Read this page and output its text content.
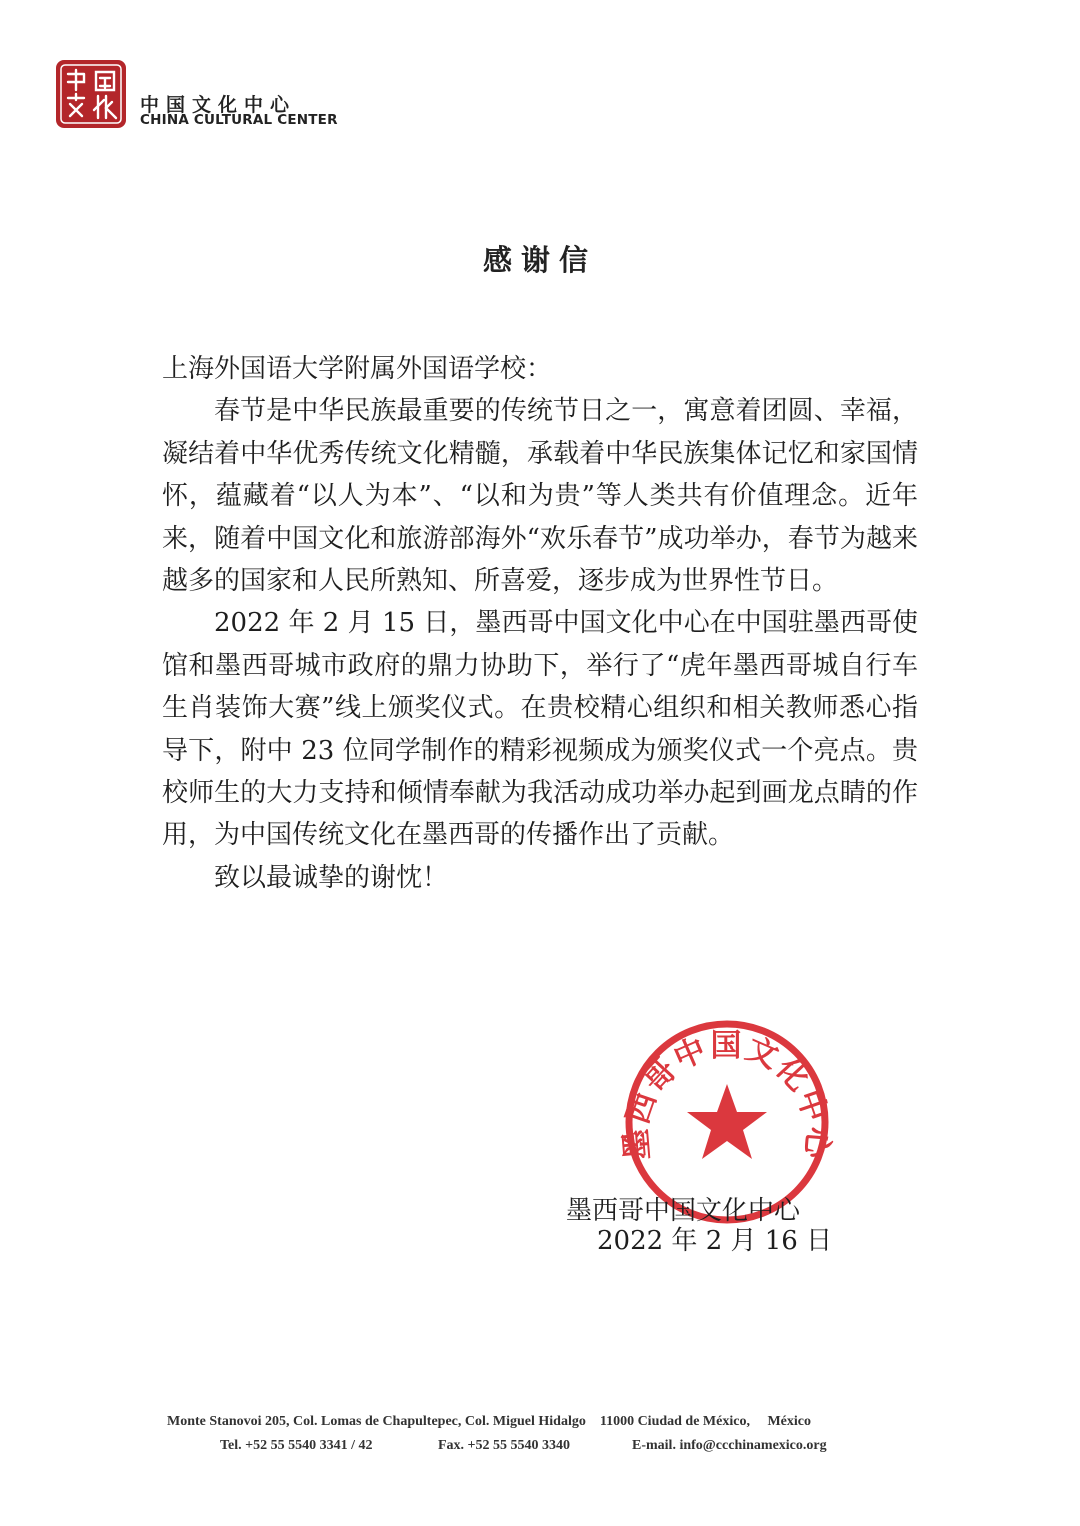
中国文化中心
CHINA CULTURAL CENTER
感谢信

上海外国语大学附属外国语学校：

春节是中华民族最重要的传统节日之一，寓意着团圆、幸福，凝结着中华优秀传统文化精髓，承载着中华民族集体记忆和家国情怀，蕴藏着“以人为本”、“以和为贵”等人类共有价值理念。近年来，随着中国文化和旅游部海外“欢乐春节”成功举办，春节为越来越多的国家和人民所熟知、所喜爱，逐步成为世界性节日。

2022 年 2 月 15 日，墨西哥中国文化中心在中国驻墨西哥使馆和墨西哥城市政府的鼎力协助下，举行了“虎年墨西哥城自行车生肖装饰大赛”线上颁奖仪式。在贵校精心组织和相关教师悉心指导下，附中 23 位同学制作的精彩视频成为颁奖仪式一个亮点。贵校师生的大力支持和倾情奉献为我活动成功举办起到画龙点睛的作用，为中国传统文化在墨西哥的传播作出了贡献。

致以最诚挚的谢忱！

墨西哥中国文化中心
墨西哥中国文化中心
2022 年 2 月 16 日
Monte Stanovoi 205, Col. Lomas de Chapultepec, Col. Miguel Hidalgo    11000 Ciudad de México,     México
Tel. +52 55 5540 3341 / 42	Fax. +52 55 5540 3340	E-mail. info@ccchinamexico.org
